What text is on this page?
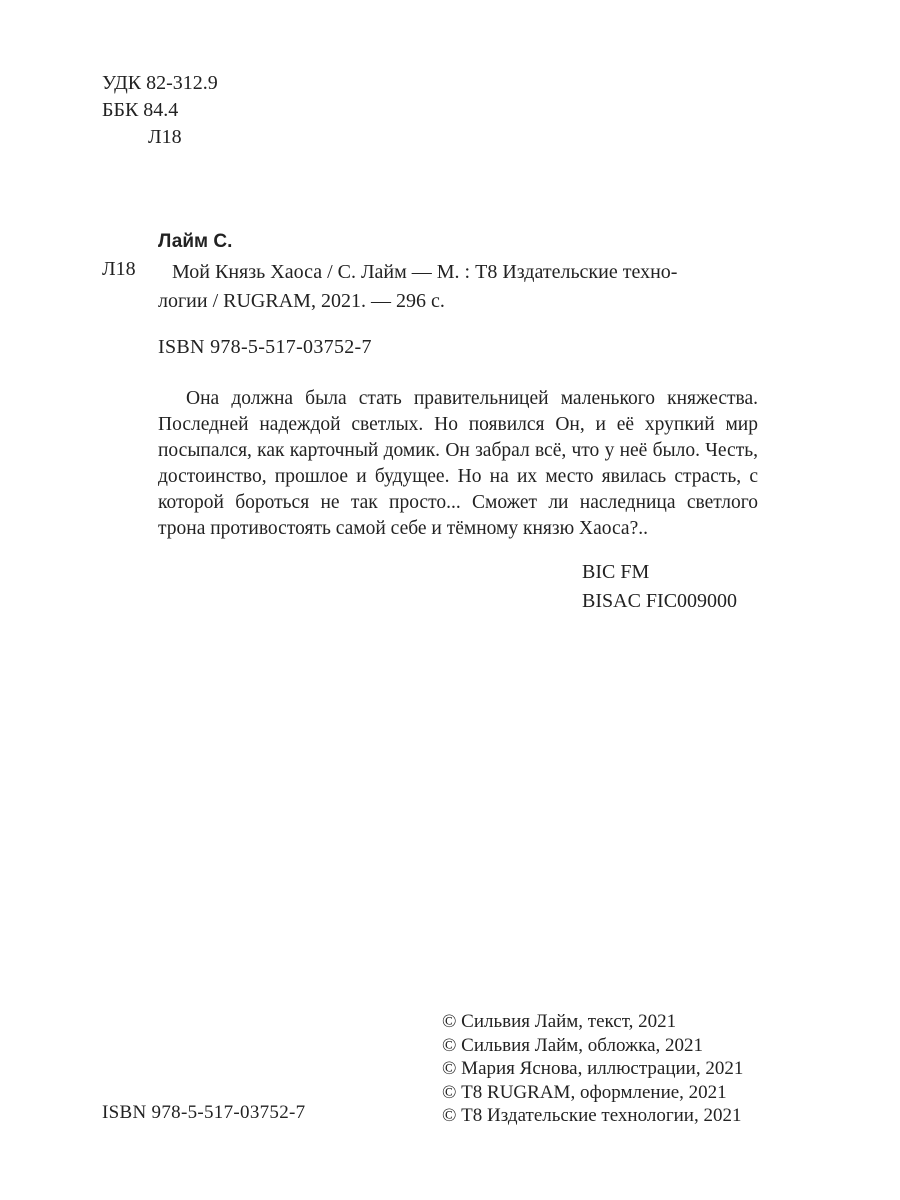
УДК 82-312.9
ББК 84.4
Л18
Лайм С.
Л18 Мой Князь Хаоса / С. Лайм — М. : Т8 Издательские техно-
логии / RUGRAM, 2021. — 296 с.
ISBN 978-5-517-03752-7
Она должна была стать правительницей маленького княжества. Последней надеждой светлых. Но появился Он, и её хрупкий мир посыпался, как карточный домик. Он забрал всё, что у неё было. Честь, достоинство, прошлое и будущее. Но на их место явилась страсть, с которой бороться не так просто... Сможет ли наследница светлого трона противостоять самой себе и тёмному князю Хаоса?..
BIC FM
BISAC FIC009000
© Сильвия Лайм, текст, 2021
© Сильвия Лайм, обложка, 2021
© Мария Яснова, иллюстрации, 2021
© Т8 RUGRAM, оформление, 2021
© Т8 Издательские технологии, 2021
ISBN 978-5-517-03752-7
